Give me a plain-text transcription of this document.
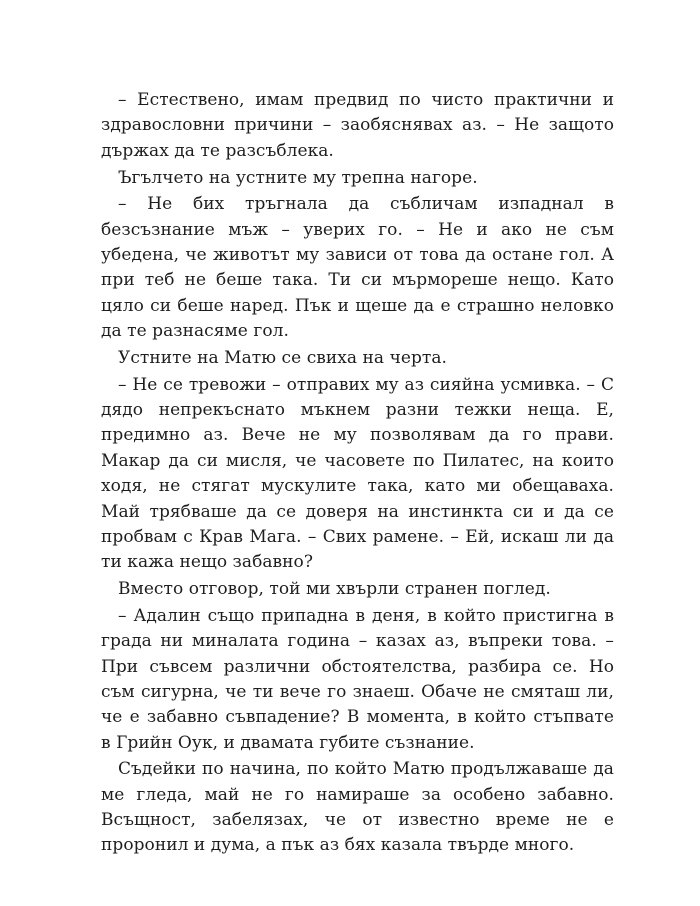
– Естествено, имам предвид по чисто практични и здравословни причини – заобяснявах аз. – Не защото държах да те разсъблека.

Ъгълчето на устните му трепна нагоре.

– Не бих тръгнала да събличам изпаднал в безсъзнание мъж – уверих го. – Не и ако не съм убедена, че животът му зависи от това да остане гол. А при теб не беше така. Ти си мърмореше нещо. Като цяло си беше наред. Пък и щеше да е страшно неловко да те разнасяме гол.

Устните на Матю се свиха на черта.

– Не се тревожи – отправих му аз сияйна усмивка. – С дядо непрекъснато мъкнем разни тежки неща. Е, предимно аз. Вече не му позволявам да го прави. Макар да си мисля, че часовете по Пилатес, на които ходя, не стягат мускулите така, като ми обещаваха. Май трябваше да се доверя на инстинкта си и да се пробвам с Крав Мага. – Свих рамене. – Ей, искаш ли да ти кажа нещо забавно?

Вместо отговор, той ми хвърли странен поглед.

– Адалин също припадна в деня, в който пристигна в града ни миналата година – казах аз, въпреки това. – При съвсем различни обстоятелства, разбира се. Но съм сигурна, че ти вече го знаеш. Обаче не смяташ ли, че е забавно съвпадение? В момента, в който стъпвате в Грийн Оук, и двамата губите съзнание.

Съдейки по начина, по който Матю продължаваше да ме гледа, май не го намираше за особено забавно. Всъщност, забелязах, че от известно време не е проронил и дума, а пък аз бях казала твърде много.
